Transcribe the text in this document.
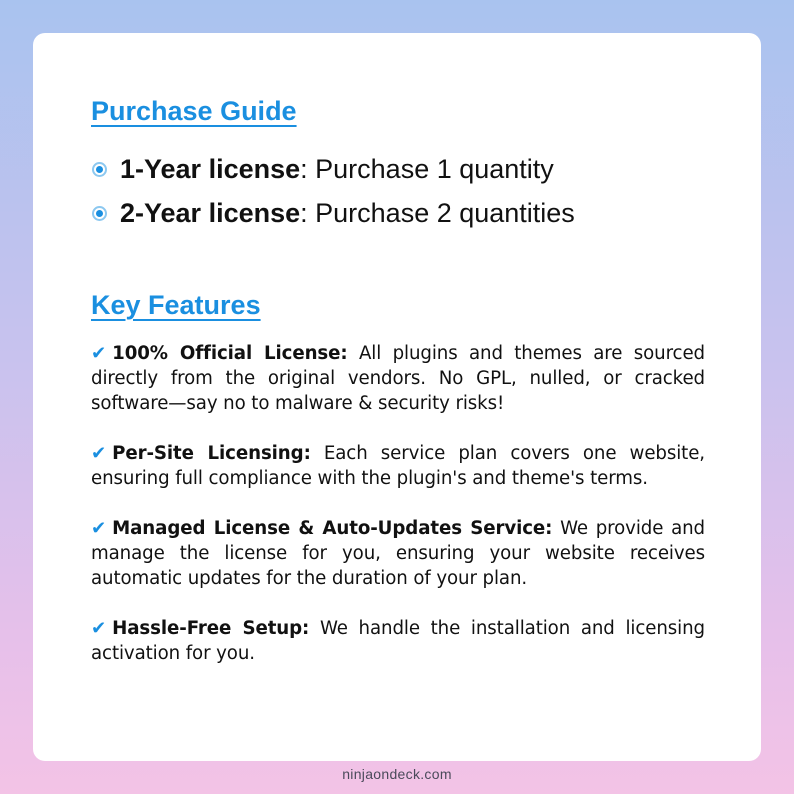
Purchase Guide
1-Year license: Purchase 1 quantity
2-Year license: Purchase 2 quantities
Key Features

✔ 100% Official License: All plugins and themes are sourced directly from the original vendors. No GPL, nulled, or cracked software—say no to malware & security risks!

✔ Per-Site Licensing: Each service plan covers one website, ensuring full compliance with the plugin's and theme's terms.

✔ Managed License & Auto-Updates Service: We provide and manage the license for you, ensuring your website receives automatic updates for the duration of your plan.

✔ Hassle-Free Setup: We handle the installation and licensing activation for you.

ninjaondeck.com
